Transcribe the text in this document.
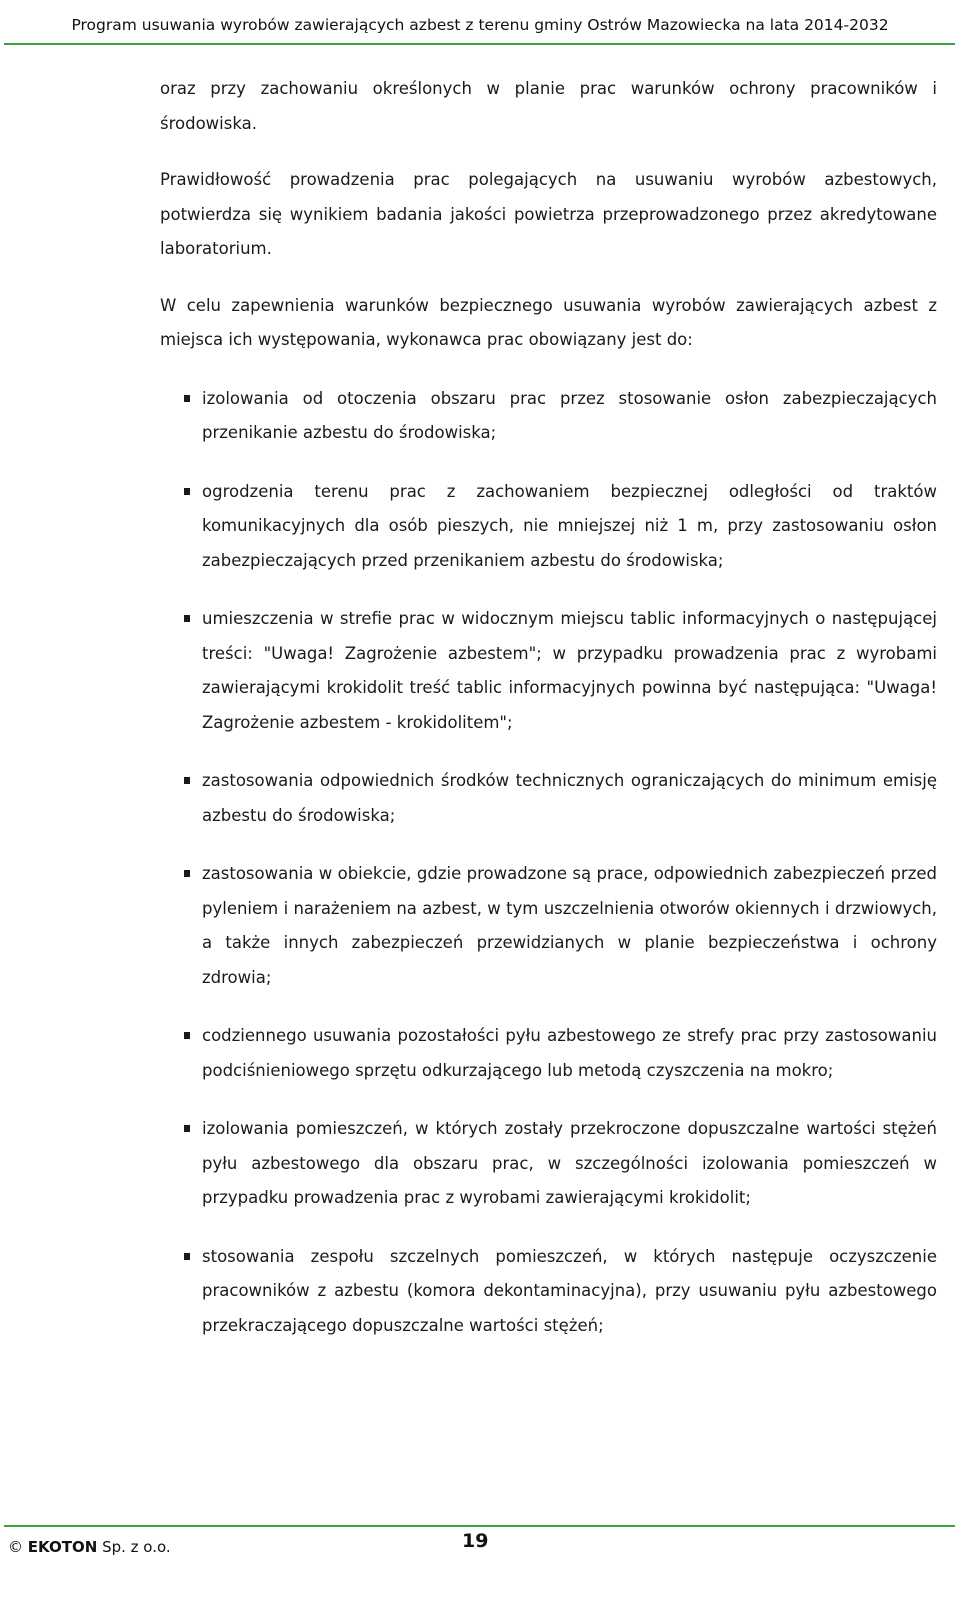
Program usuwania wyrobów zawierających azbest z terenu gminy Ostrów Mazowiecka na lata 2014-2032

oraz przy zachowaniu określonych w planie prac warunków ochrony pracowników i środowiska.

Prawidłowość prowadzenia prac polegających na usuwaniu wyrobów azbestowych, potwierdza się wynikiem badania jakości powietrza przeprowadzonego przez akredytowane laboratorium.

W celu zapewnienia warunków bezpiecznego usuwania wyrobów zawierających azbest z miejsca ich występowania, wykonawca prac obowiązany jest do:

izolowania od otoczenia obszaru prac przez stosowanie osłon zabezpieczających przenikanie azbestu do środowiska;
ogrodzenia terenu prac z zachowaniem bezpiecznej odległości od traktów komunikacyjnych dla osób pieszych, nie mniejszej niż 1 m, przy zastosowaniu osłon zabezpieczających przed przenikaniem azbestu do środowiska;
umieszczenia w strefie prac w widocznym miejscu tablic informacyjnych o następującej treści: "Uwaga! Zagrożenie azbestem"; w przypadku prowadzenia prac z wyrobami zawierającymi krokidolit treść tablic informacyjnych powinna być następująca: "Uwaga! Zagrożenie azbestem - krokidolitem";
zastosowania odpowiednich środków technicznych ograniczających do minimum emisję azbestu do środowiska;
zastosowania w obiekcie, gdzie prowadzone są prace, odpowiednich zabezpieczeń przed pyleniem i narażeniem na azbest, w tym uszczelnienia otworów okiennych i drzwiowych, a także innych zabezpieczeń przewidzianych w planie bezpieczeństwa i ochrony zdrowia;
codziennego usuwania pozostałości pyłu azbestowego ze strefy prac przy zastosowaniu podciśnieniowego sprzętu odkurzającego lub metodą czyszczenia na mokro;
izolowania pomieszczeń, w których zostały przekroczone dopuszczalne wartości stężeń pyłu azbestowego dla obszaru prac, w szczególności izolowania pomieszczeń w przypadku prowadzenia prac z wyrobami zawierającymi krokidolit;
stosowania zespołu szczelnych pomieszczeń, w których następuje oczyszczenie pracowników z azbestu (komora dekontaminacyjna), przy usuwaniu pyłu azbestowego przekraczającego dopuszczalne wartości stężeń;
© EKOTON Sp. z o.o.	19
